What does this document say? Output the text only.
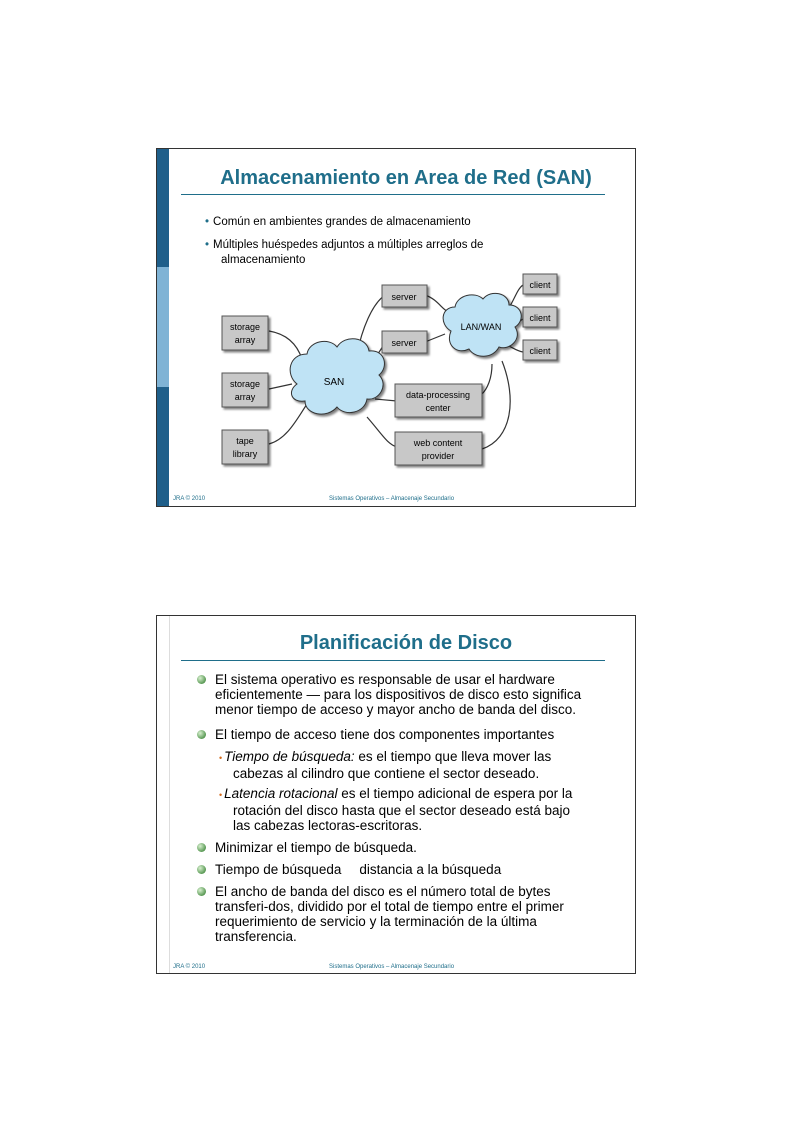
Almacenamiento en Area de Red (SAN)
• Común en ambientes grandes de almacenamiento
• Múltiples huéspedes adjuntos a múltiples arreglos de
almacenamiento
storage
array
storage
array
tape
library
SAN
server
server
LAN/WAN
client
client
client
data-processing
center
web content
provider
JRA © 2010	Sistemas Operativos – Almacenaje Secundario
Planificación de Disco
El sistema operativo es responsable de usar el hardware
eficientemente — para los dispositivos de disco esto significa
menor tiempo de acceso y mayor ancho de banda del disco.
El tiempo de acceso tiene dos componentes importantes
• Tiempo de búsqueda: es el tiempo que lleva mover las
cabezas al cilindro que contiene el sector deseado.
• Latencia rotacional es el tiempo adicional de espera por la
rotación del disco hasta que el sector deseado está bajo
las cabezas lectoras-escritoras.
Minimizar el tiempo de búsqueda.
Tiempo de búsqueda distancia a la búsqueda
El ancho de banda del disco es el número total de bytes
transferi-dos, dividido por el total de tiempo entre el primer
requerimiento de servicio y la terminación de la última
transferencia.
JRA © 2010	Sistemas Operativos – Almacenaje Secundario
